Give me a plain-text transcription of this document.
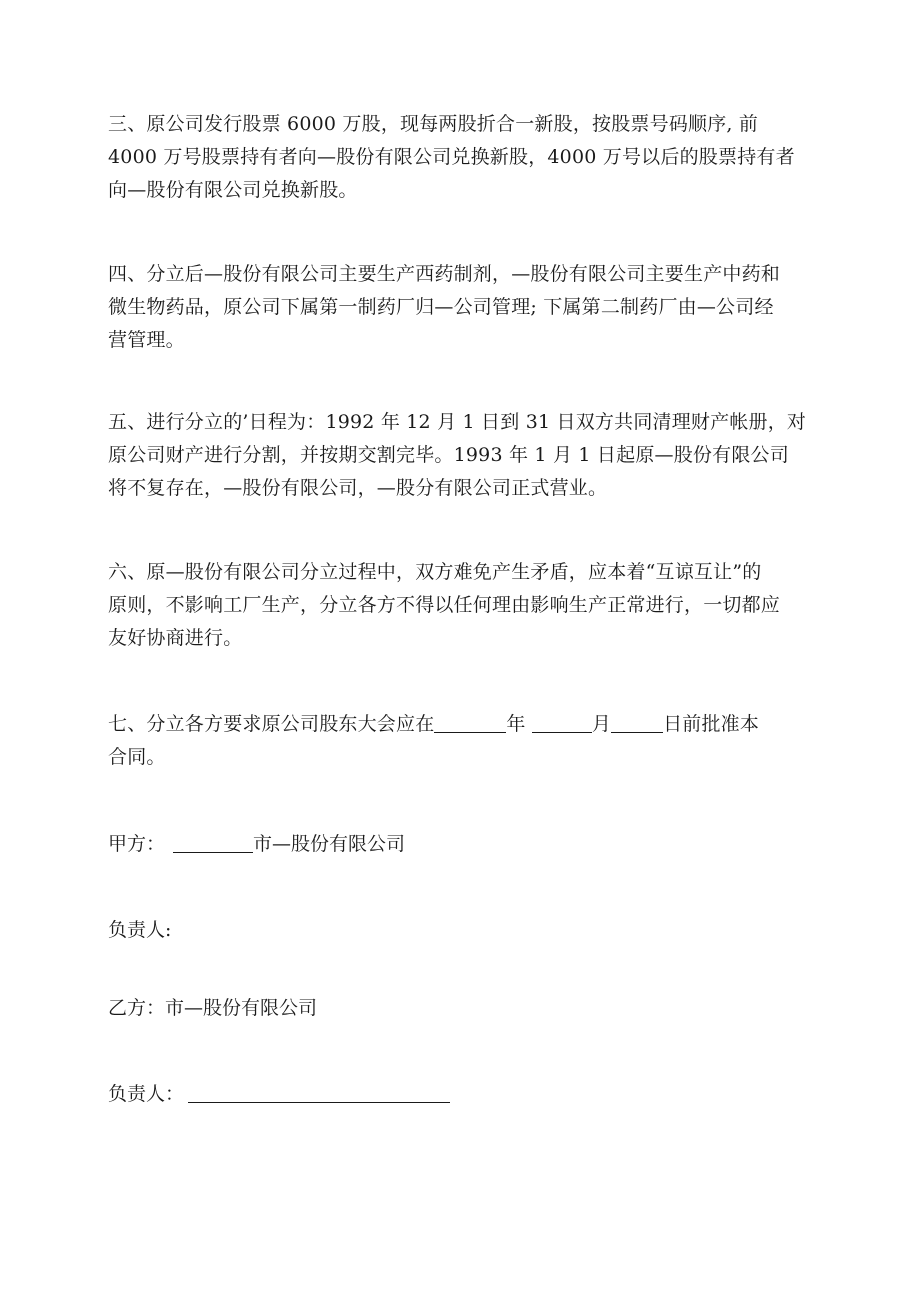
三、原公司发行股票 6000 万股，现每两股折合一新股，按股票号码顺序, 前
4000 万号股票持有者向—股份有限公司兑换新股，4000 万号以后的股票持有者
向—股份有限公司兑换新股。

四、分立后—股份有限公司主要生产西药制剂，—股份有限公司主要生产中药和
微生物药品，原公司下属第一制药厂归—公司管理; 下属第二制药厂由—公司经
营管理。

五、进行分立的’日程为：1992 年 12 月 1 日到 31 日双方共同清理财产帐册，对
原公司财产进行分割，并按期交割完毕。1993 年 1 月 1 日起原—股份有限公司
将不复存在，—股份有限公司，—股分有限公司正式营业。

六、原—股份有限公司分立过程中，双方难免产生矛盾，应本着“互谅互让”的
原则，不影响工厂生产，分立各方不得以任何理由影响生产正常进行，一切都应
友好协商进行。

七、分立各方要求原公司股东大会应在	年	月	日前批准本
合同。

甲方：	市—股份有限公司

负责人:

乙方：市—股份有限公司

负责人：
